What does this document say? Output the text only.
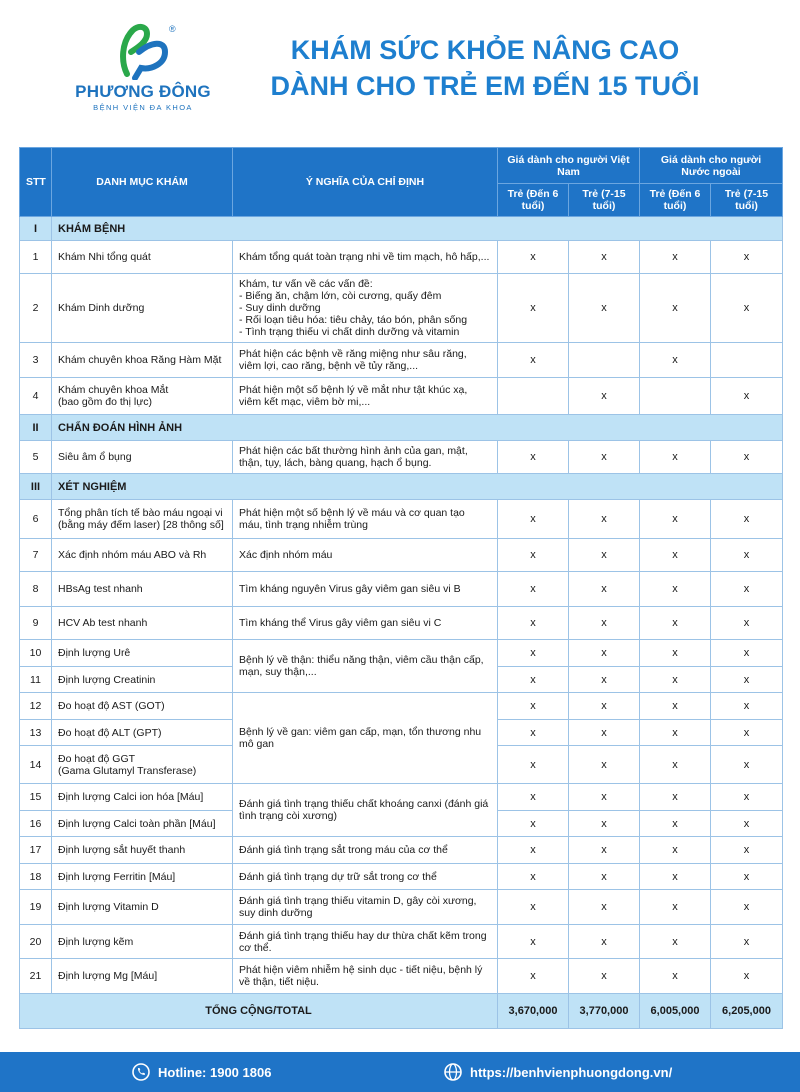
®
PHƯƠNG ĐÔNG
BỆNH VIỆN ĐA KHOA
KHÁM SỨC KHỎE NÂNG CAO
DÀNH CHO TRẺ EM ĐẾN 15 TUỔI
STT	DANH MỤC KHÁM	Ý NGHĨA CỦA CHỈ ĐỊNH	Giá dành cho người Việt Nam		Giá dành cho người Nước ngoài	
			Trẻ (Đến 6 tuổi)	Trẻ (7-15 tuổi)	Trẻ (Đến 6 tuổi)	Trẻ (7-15 tuổi)
I	KHÁM BỆNH					
1	Khám Nhi tổng quát	Khám tổng quát toàn trạng nhi về tim mạch, hô hấp,...	x	x	x	x
2	Khám Dinh dưỡng	Khám, tư vấn về các vấn đề:
- Biếng ăn, chậm lớn, còi cương, quấy đêm
- Suy dinh dưỡng
- Rối loạn tiêu hóa: tiêu chảy, táo bón, phân sống
- Tình trạng thiếu vi chất dinh dưỡng và vitamin	x	x	x	x
3	Khám chuyên khoa Răng Hàm Mặt	Phát hiện các bệnh về răng miệng như sâu răng, viêm lợi, cao răng, bệnh về tủy răng,...	x		x	
4	Khám chuyên khoa Mắt
(bao gồm đo thị lực)	Phát hiện một số bệnh lý về mắt như tật khúc xạ, viêm kết mạc, viêm bờ mi,...		x		x
II	CHẨN ĐOÁN HÌNH ẢNH					
5	Siêu âm ổ bụng	Phát hiện các bất thường hình ảnh của gan, mật, thận, tụy, lách, bàng quang, hạch ổ bụng.	x	x	x	x
III	XÉT NGHIỆM					
6	Tổng phân tích tế bào máu ngoại vi (bằng máy đếm laser) [28 thông số]	Phát hiện một số bệnh lý về máu và cơ quan tạo máu, tình trạng nhiễm trùng	x	x	x	x
7	Xác định nhóm máu ABO và Rh	Xác định nhóm máu	x	x	x	x
8	HBsAg test nhanh	Tìm kháng nguyên Virus gây viêm gan siêu vi B	x	x	x	x
9	HCV Ab test nhanh	Tìm kháng thể Virus gây viêm gan siêu vi C	x	x	x	x
10	Định lượng Urê	Bệnh lý về thận: thiểu năng thận, viêm cầu thận cấp, mạn, suy thận,...	x	x	x	x
11	Định lượng Creatinin		x	x	x	x
12	Đo hoạt độ AST (GOT)	Bệnh lý về gan: viêm gan cấp, mạn, tổn thương nhu mô gan	x	x	x	x
13	Đo hoạt độ ALT (GPT)		x	x	x	x
14	Đo hoạt độ GGT
(Gama Glutamyl Transferase)		x	x	x	x
15	Định lượng Calci ion hóa [Máu]	Đánh giá tình trạng thiếu chất khoáng canxi (đánh giá tình trạng còi xương)	x	x	x	x
16	Định lượng Calci toàn phần [Máu]		x	x	x	x
17	Định lượng sắt huyết thanh	Đánh giá tình trạng sắt trong máu của cơ thể	x	x	x	x
18	Định lượng Ferritin [Máu]	Đánh giá tình trạng dự trữ sắt trong cơ thể	x	x	x	x
19	Định lượng Vitamin D	Đánh giá tình trạng thiếu vitamin D, gây còi xương, suy dinh dưỡng	x	x	x	x
20	Định lượng kẽm	Đánh giá tình trạng thiếu hay dư thừa chất kẽm trong cơ thể.	x	x	x	x
21	Định lượng Mg [Máu]	Phát hiện viêm nhiễm hệ sinh dục - tiết niệu, bệnh lý về thận, tiết niệu.	x	x	x	x
TỔNG CỘNG/TOTAL			3,670,000	3,770,000	6,005,000	6,205,000
Hotline: 1900 1806	https://benhvienphuongdong.vn/
